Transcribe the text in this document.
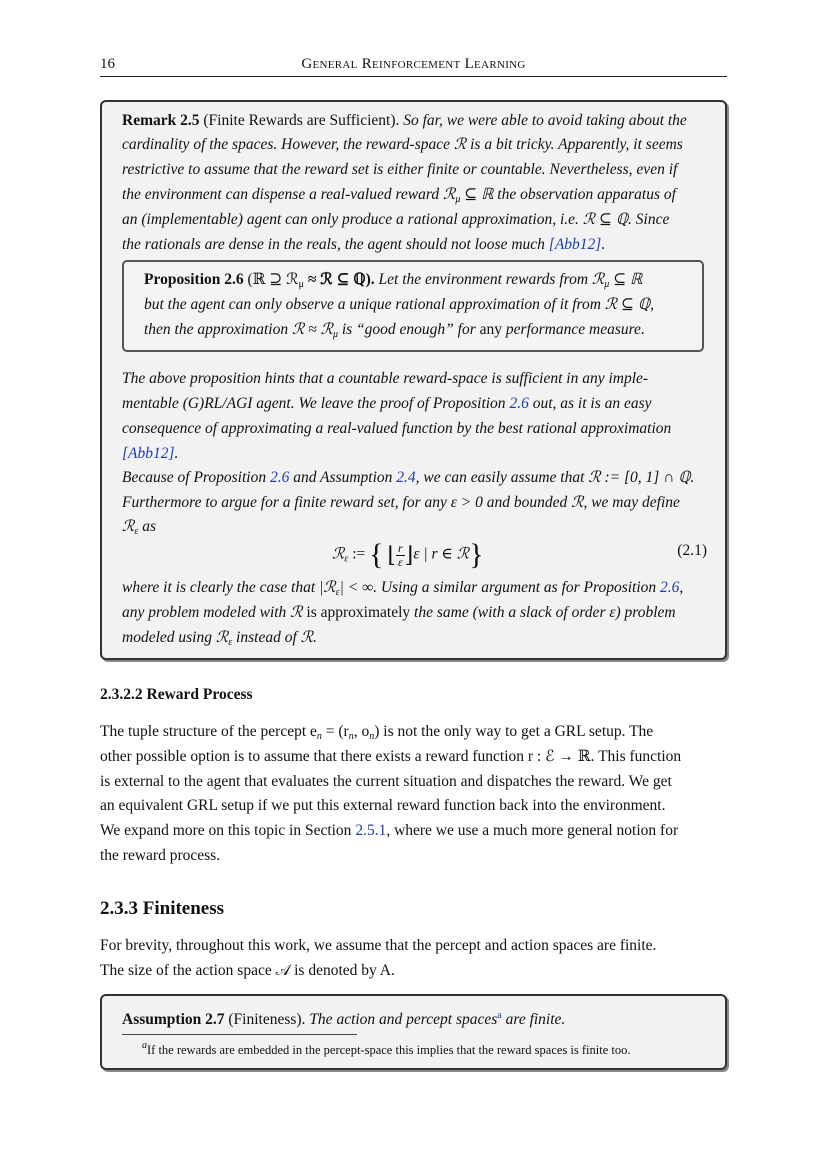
16	General Reinforcement Learning
Remark 2.5 (Finite Rewards are Sufficient). So far, we were able to avoid taking about the
cardinality of the spaces. However, the reward-space ℛ is a bit tricky. Apparently, it seems
restrictive to assume that the reward set is either finite or countable. Nevertheless, even if
the environment can dispense a real-valued reward ℛ$_\mu$ ⊆ ℝ the observation apparatus of
an (implementable) agent can only produce a rational approximation, i.e. ℛ ⊆ ℚ. Since
the rationals are dense in the reals, the agent should not loose much [Abb12].
Proposition 2.6 (ℝ ⊇ ℛ$_\mu$ ≈ ℛ ⊆ ℚ). Let the environment rewards from ℛ$_\mu$ ⊆ ℝ
but the agent can only observe a unique rational approximation of it from ℛ ⊆ ℚ,
then the approximation ℛ ≈ ℛ$_\mu$ is “good enough” for any performance measure.
The above proposition hints that a countable reward-space is sufficient in any imple-
mentable (G)RL/AGI agent. We leave the proof of Proposition 2.6 out, as it is an easy
consequence of approximating a real-valued function by the best rational approximation
[Abb12].
Because of Proposition 2.6 and Assumption 2.4, we can easily assume that ℛ := [0, 1] ∩ ℚ.
Furthermore to argue for a finite reward set, for any ε > 0 and bounded ℛ, we may define
ℛ$_\varepsilon$ as
ℛ$_\varepsilon$ := { ⌊ $\frac{r}{\varepsilon}$ ⌋ε | r ∈ ℛ}	(2.1)
where it is clearly the case that |ℛ$_\varepsilon$| < ∞. Using a similar argument as for Proposition 2.6,
any problem modeled with ℛ is approximately the same (with a slack of order ε) problem
modeled using ℛ$_\varepsilon$ instead of ℛ.
2.3.2.2 Reward Process
The tuple structure of the percept $e_n = (r_n$, $o_n$) is not the only way to get a GRL setup. The
other possible option is to assume that there exists a reward function r : ℰ → ℝ. This function
is external to the agent that evaluates the current situation and dispatches the reward. We get
an equivalent GRL setup if we put this external reward function back into the environment.
We expand more on this topic in Section 2.5.1, where we use a much more general notion for
the reward process.
2.3.3 Finiteness
For brevity, throughout this work, we assume that the percept and action spaces are finite.
The size of the action space 𝒜 is denoted by A.
Assumption 2.7 (Finiteness). The action and percept spaces$^a$ are finite.
$^a$If the rewards are embedded in the percept-space this implies that the reward spaces is finite too.
